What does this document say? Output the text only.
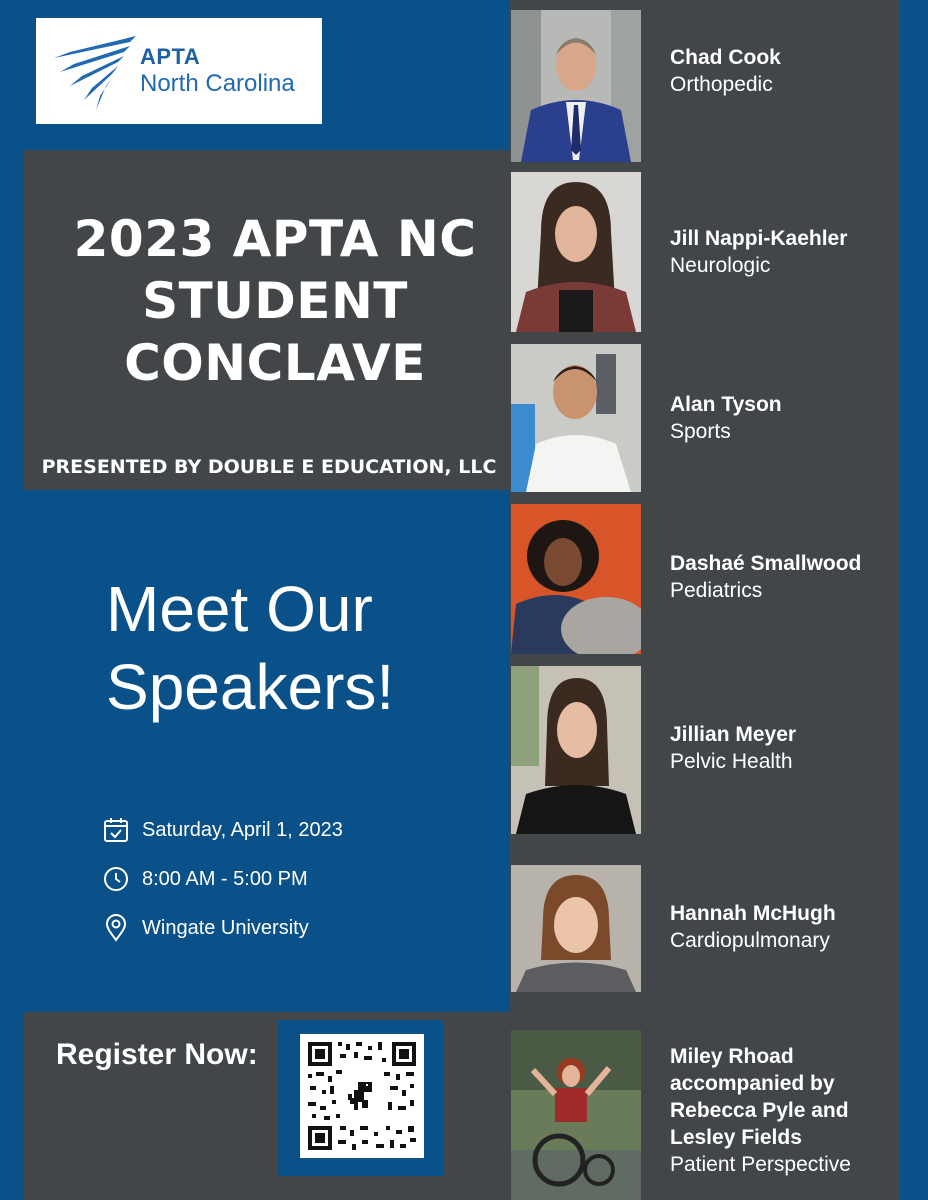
APTA
North Carolina
2023 APTA NC
STUDENT
CONCLAVE
PRESENTED BY DOUBLE E EDUCATION, LLC
Meet Our
Speakers!
Saturday, April 1, 2023
8:00 AM - 5:00 PM
Wingate University
Register Now:
Chad Cook
Orthopedic
Jill Nappi-Kaehler
Neurologic
Alan Tyson
Sports
Dashaé Smallwood
Pediatrics
Jillian Meyer
Pelvic Health
Hannah McHugh
Cardiopulmonary
Miley Rhoad
accompanied by
Rebecca Pyle and
Lesley Fields
Patient Perspective
